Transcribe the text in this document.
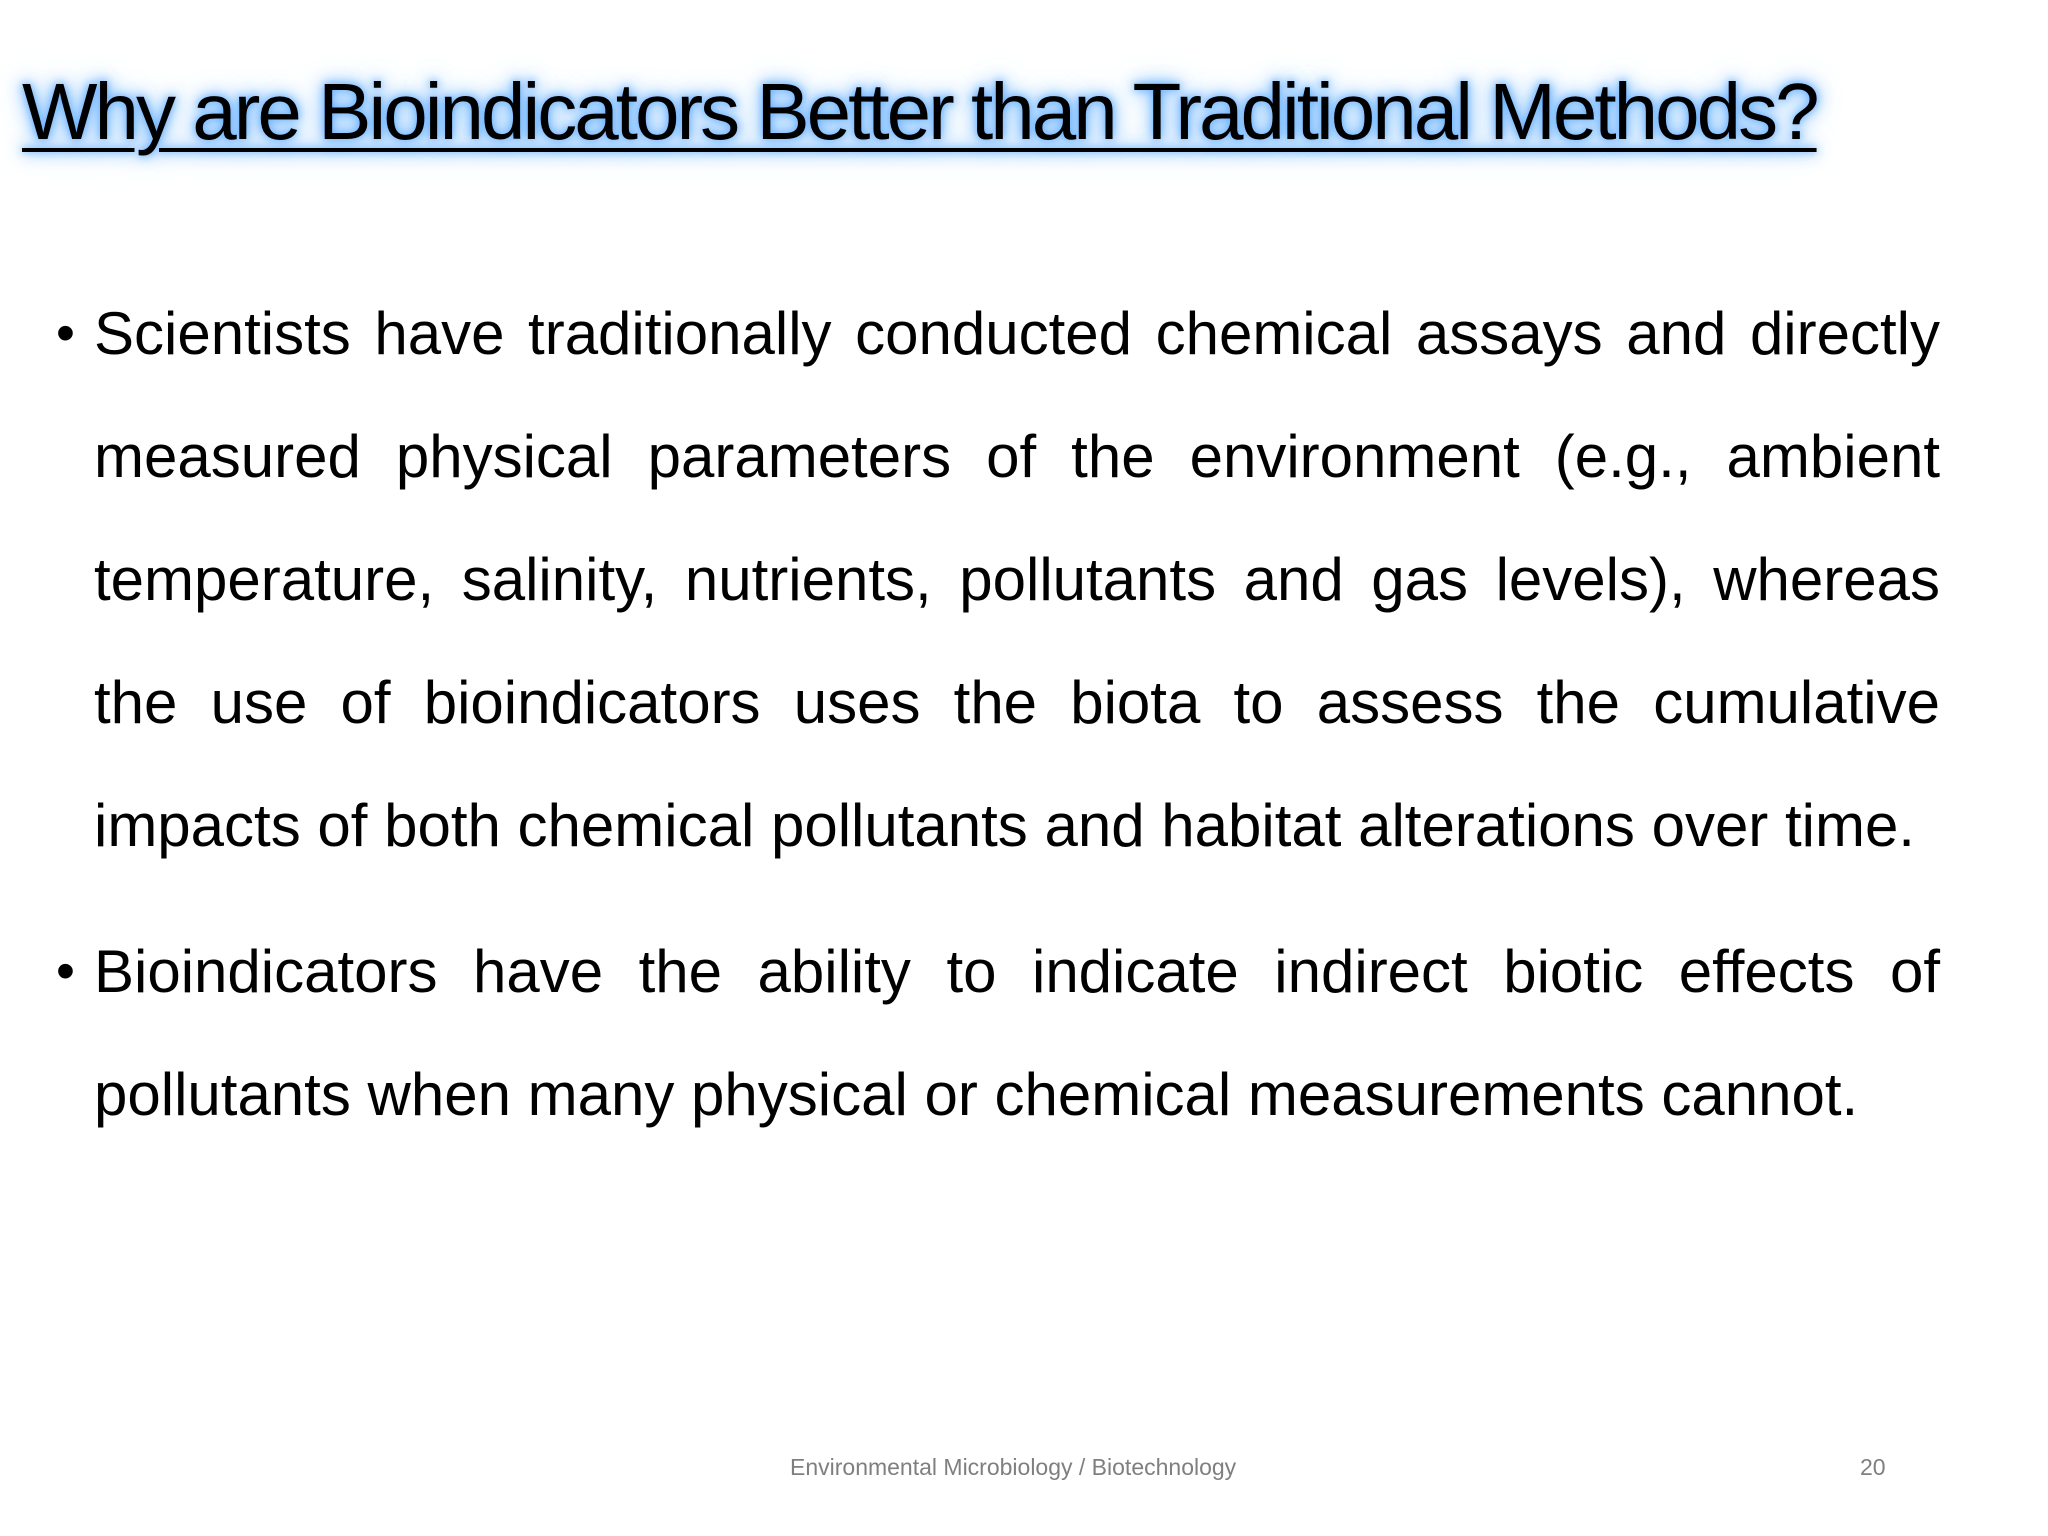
Why are Bioindicators Better than Traditional Methods?
• Scientists have traditionally conducted chemical assays and directly measured physical parameters of the environment (e.g., ambient temperature, salinity, nutrients, pollutants and gas levels), whereas the use of bioindicators uses the biota to assess the cumulative impacts of both chemical pollutants and habitat alterations over time.
• Bioindicators have the ability to indicate indirect biotic effects of pollutants when many physical or chemical measurements cannot.
Environmental Microbiology / Biotechnology	20
